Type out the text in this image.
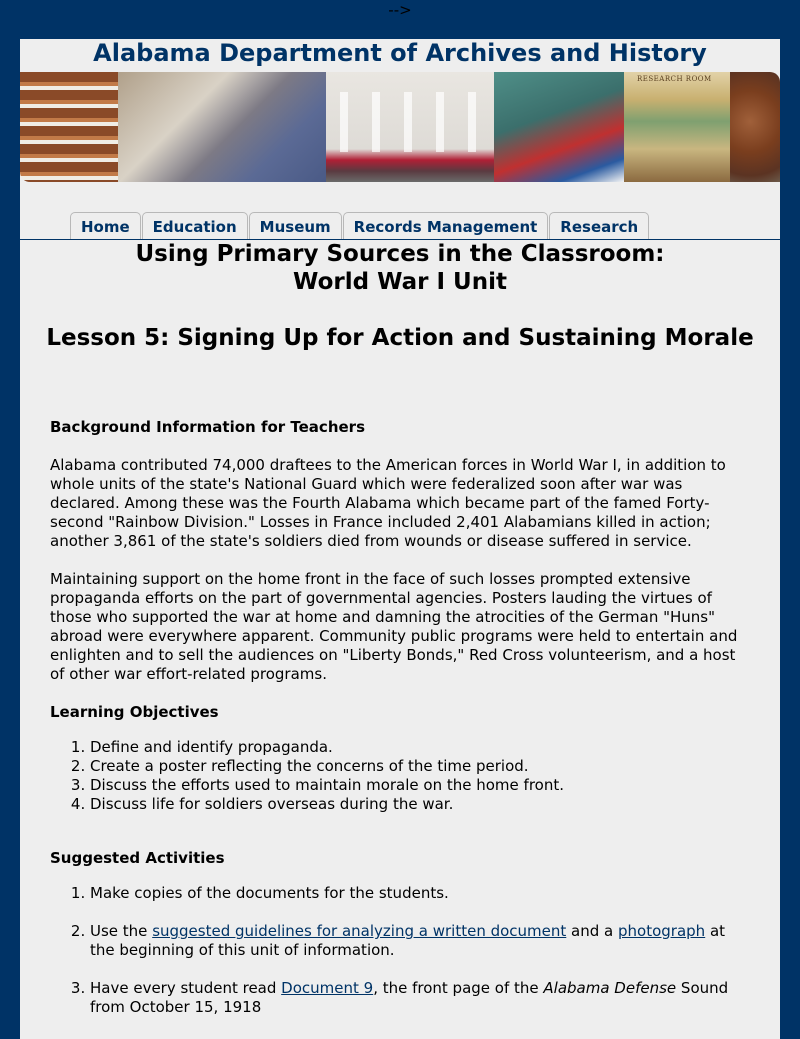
-->
Alabama Department of Archives and History
RESEARCH ROOM
Home	Education	Museum	Records Management	Research
Using Primary Sources in the Classroom:
World War I Unit
Lesson 5: Signing Up for Action and Sustaining Morale
Background Information for Teachers

Alabama contributed 74,000 draftees to the American forces in World War I, in addition to whole units of the state's National Guard which were federalized soon after war was declared. Among these was the Fourth Alabama which became part of the famed Forty-second "Rainbow Division." Losses in France included 2,401 Alabamians killed in action; another 3,861 of the state's soldiers died from wounds or disease suffered in service.

Maintaining support on the home front in the face of such losses prompted extensive propaganda efforts on the part of governmental agencies. Posters lauding the virtues of those who supported the war at home and damning the atrocities of the German "Huns" abroad were everywhere apparent. Community public programs were held to entertain and enlighten and to sell the audiences on "Liberty Bonds," Red Cross volunteerism, and a host of other war effort-related programs.

Learning Objectives
1. Define and identify propaganda.
2. Create a poster reflecting the concerns of the time period.
3. Discuss the efforts used to maintain morale on the home front.
4. Discuss life for soldiers overseas during the war.
Suggested Activities
1. Make copies of the documents for the students.

2. Use the suggested guidelines for analyzing a written document and a photograph at the beginning of this unit of information.

3. Have every student read Document 9, the front page of the Alabama Defense Sound from October 15, 1918
